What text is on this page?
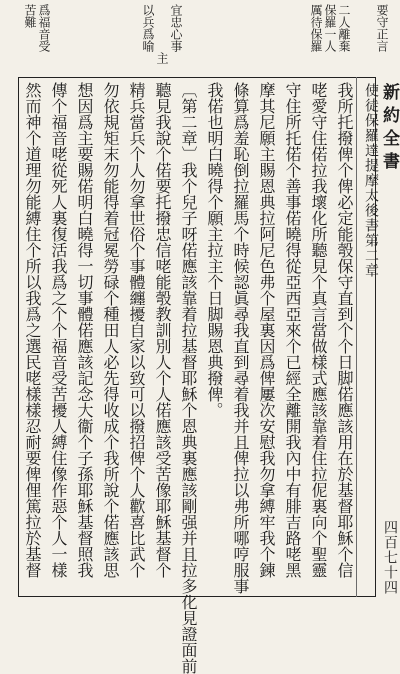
要守正言
二人離棄
保羅一人
厲待保羅
宜忠心事
主
以兵爲喻
爲福音受
苦難
新約全書
使徒保羅達提摩太後書第二章
四百七十四
我所托撥俾个俾必定能彀保守直到个个日脚偌應該用在於基督耶穌个信
咾愛守住偌拉我壞化所聽見个真言當做樣式應該靠着住拉伲裏向个聖靈
守住所托偌个善事偌曉得從亞西亞來个已經全離開我內中有腓吉路咾黑
摩其尼願主賜恩典拉阿尼色弗个屋裏因爲俾屢次安慰我勿拿縛牢我个鍊
條算爲羞恥倒拉羅馬个時候認眞尋我直到尋着我并且俾拉以弗所哪哼服事
我偌也明白曉得个願主拉主个日脚賜恩典撥俾。
〔第二章〕我个兒子呀偌應該靠着拉基督耶穌个恩典裏應該剛强并且拉多化見證面前
聽見我說个偌要托撥忠信咾能彀教訓別人个人偌應該受苦像耶穌基督个
精兵當兵个人勿拿世俗个事體纏擾自家以致可以撥招俾个人歡喜比武个
勿依規矩末勿能得着冠冕勞碌个種田人必先得收成个我所說个偌應該思
想因爲主要賜偌明白曉得一切事體偌應該記念大衞个子孫耶穌基督照我
傳个福音咾從死人裏復活我爲之个个福音受苦擾人縛住像作惡个人一樣
然而神个道理勿能縛住个所以我爲之選民咾樣樣忍耐要俾俚篤拉於基督
